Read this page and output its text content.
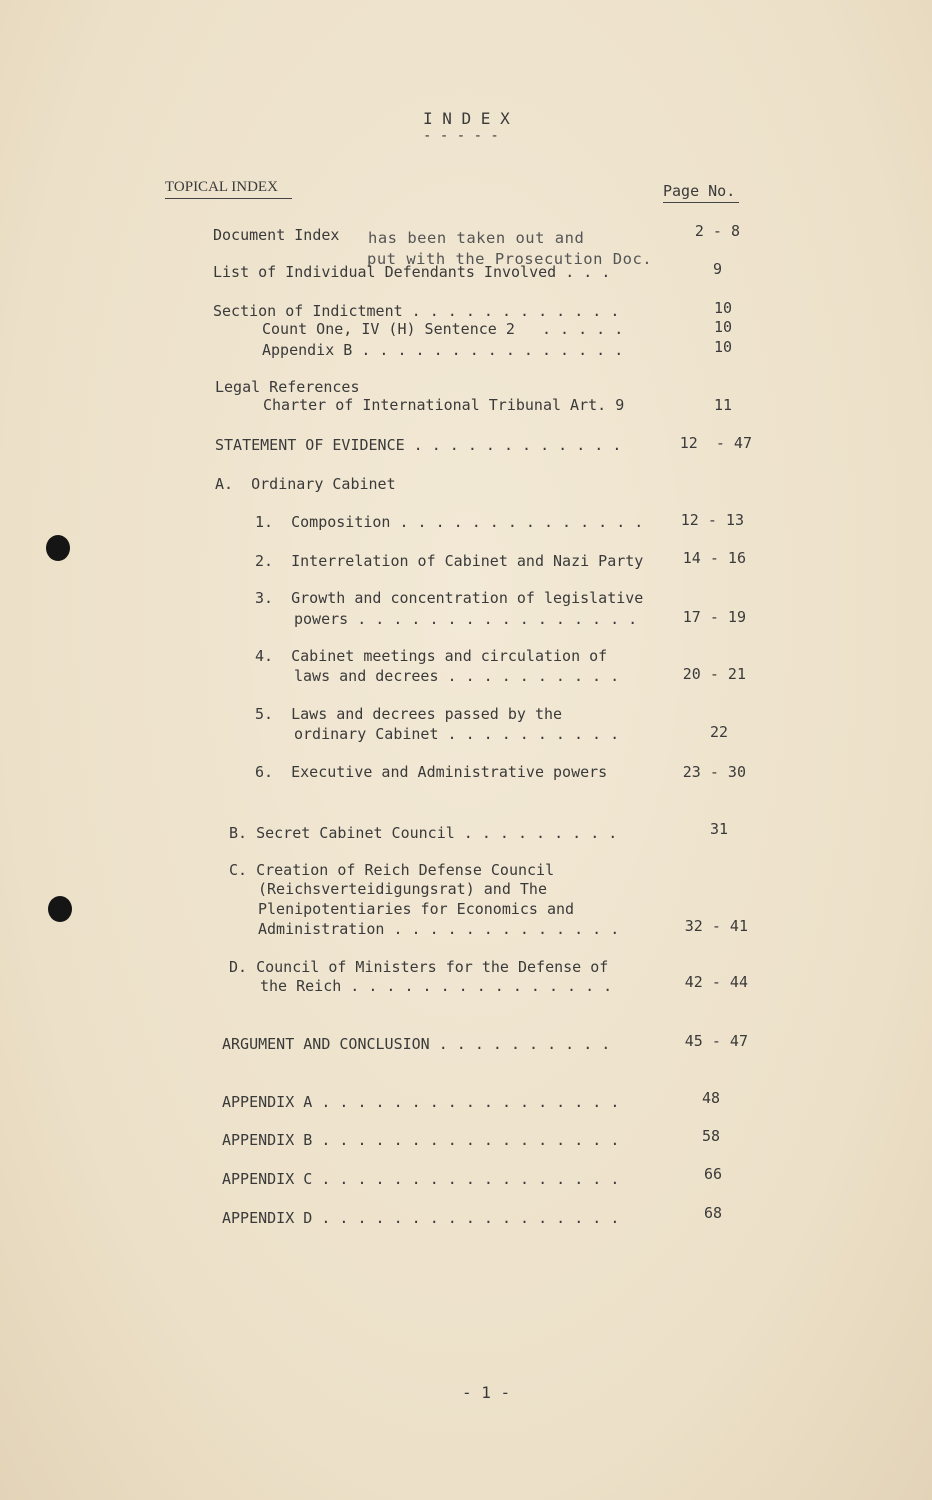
I N D E X
- - - - -
TOPICAL INDEX	Page No.
has been taken out and
put with the Prosecution Doc.
Document Index	2 - 8
List of Individual Defendants Involved . . .	9
Section of Indictment . . . . . . . . . . . .	10
Count One, IV (H) Sentence 2   . . . . .	10
Appendix B . . . . . . . . . . . . . . .	10
Legal References
Charter of International Tribunal Art. 9	11
STATEMENT OF EVIDENCE . . . . . . . . . . . .	12  - 47
A.  Ordinary Cabinet
1.  Composition . . . . . . . . . . . . . .	12 - 13
2.  Interrelation of Cabinet and Nazi Party	14 - 16
3.  Growth and concentration of legislative
powers . . . . . . . . . . . . . . . .	17 - 19
4.  Cabinet meetings and circulation of
laws and decrees . . . . . . . . . .	20 - 21
5.  Laws and decrees passed by the
ordinary Cabinet . . . . . . . . . .	22
6.  Executive and Administrative powers	23 - 30
B. Secret Cabinet Council . . . . . . . . .	31
C. Creation of Reich Defense Council
(Reichsverteidigungsrat) and The
Plenipotentiaries for Economics and
Administration . . . . . . . . . . . . .	32 - 41
D. Council of Ministers for the Defense of
the Reich . . . . . . . . . . . . . . .	42 - 44
ARGUMENT AND CONCLUSION . . . . . . . . . .	45 - 47
APPENDIX A . . . . . . . . . . . . . . . . .	48
APPENDIX B . . . . . . . . . . . . . . . . .	58
APPENDIX C . . . . . . . . . . . . . . . . .	66
APPENDIX D . . . . . . . . . . . . . . . . .	68
- 1 -
